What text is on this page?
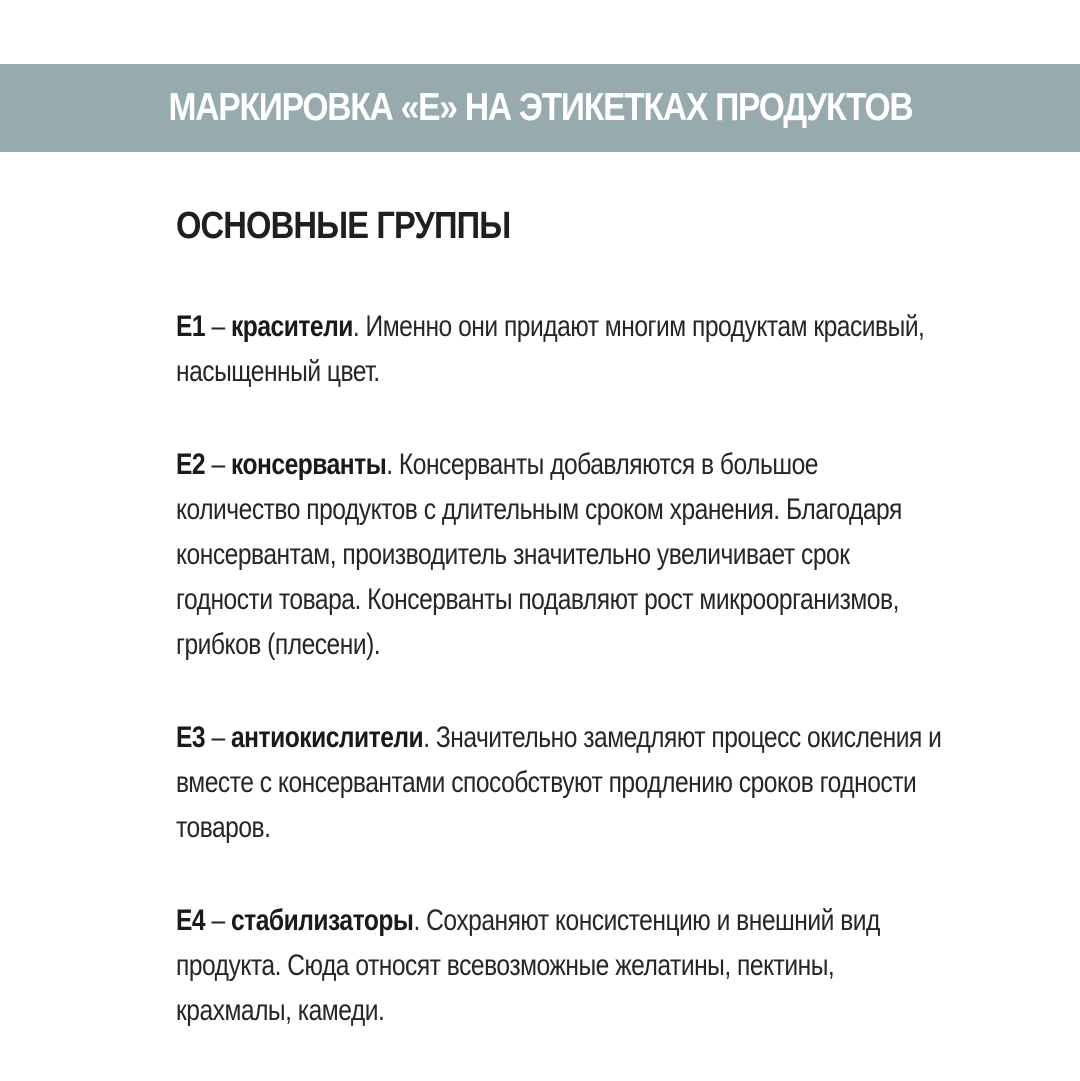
МАРКИРОВКА «Е» НА ЭТИКЕТКАХ ПРОДУКТОВ
ОСНОВНЫЕ ГРУППЫ

Е1 – красители. Именно они придают многим продуктам красивый, насыщенный цвет.

Е2 – консерванты. Консерванты добавляются в большое количество продуктов с длительным сроком хранения. Благодаря консервантам, производитель значительно увеличивает срок годности товара. Консерванты подавляют рост микроорганизмов, грибков (плесени).

Е3 – антиокислители. Значительно замедляют процесс окисления и вместе с консервантами способствуют продлению сроков годности товаров.

Е4 – стабилизаторы. Сохраняют консистенцию и внешний вид продукта. Сюда относят всевозможные желатины, пектины, крахмалы, камеди.
